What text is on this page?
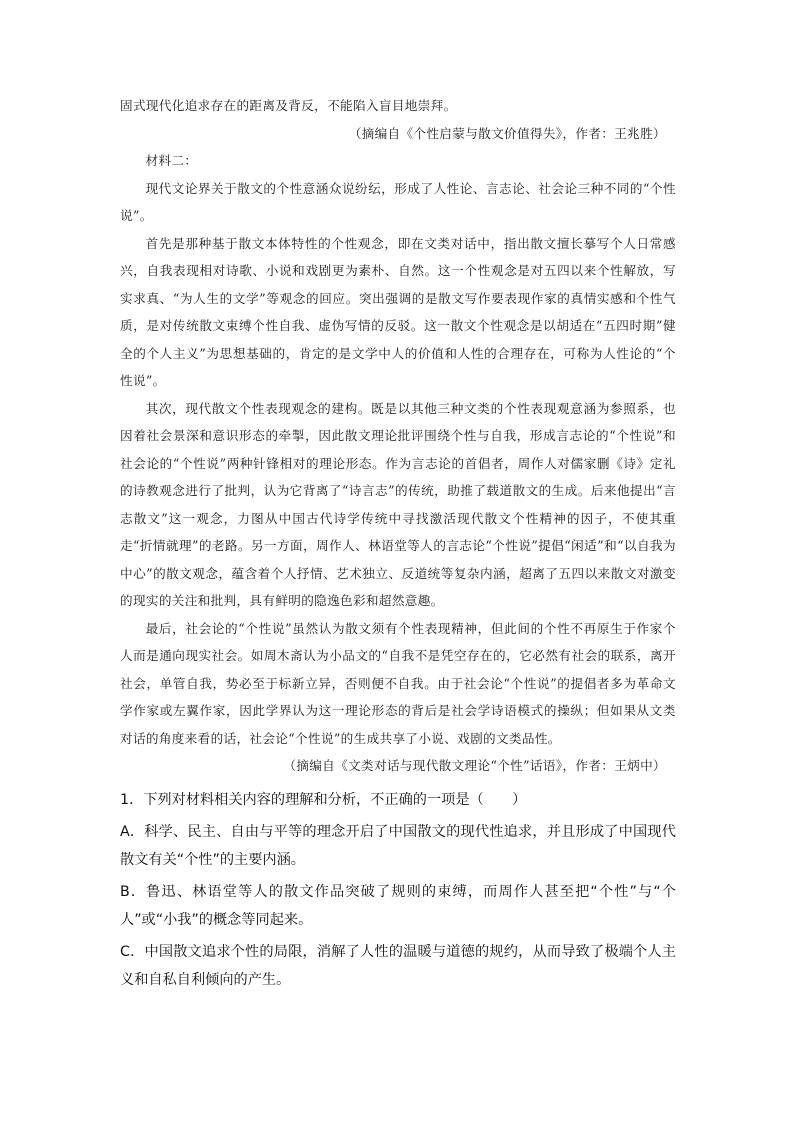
固式现代化追求存在的距离及背反，不能陷入盲目地崇拜。

（摘编自《个性启蒙与散文价值得失》，作者：王兆胜）

材料二：

现代文论界关于散文的个性意涵众说纷纭，形成了人性论、言志论、社会论三种不同的“个性说”。

首先是那种基于散文本体特性的个性观念，即在文类对话中，指出散文擅长摹写个人日常感兴，自我表现相对诗歌、小说和戏剧更为素朴、自然。这一个性观念是对五四以来个性解放，写实求真、“为人生的文学”等观念的回应。突出强调的是散文写作要表现作家的真情实感和个性气质，是对传统散文束缚个性自我、虚伪写情的反驳。这一散文个性观念是以胡适在“五四时期”健全的个人主义”为思想基础的，肯定的是文学中人的价值和人性的合理存在，可称为人性论的“个性说”。

其次，现代散文个性表现观念的建构。既是以其他三种文类的个性表现观意涵为参照系，也因着社会景深和意识形态的牵掣，因此散文理论批评围绕个性与自我，形成言志论的“个性说”和社会论的“个性说”两种针锋相对的理论形态。作为言志论的首倡者，周作人对儒家删《诗》定礼的诗教观念进行了批判，认为它背离了“诗言志”的传统，助推了载道散文的生成。后来他提出“言志散文”这一观念，力图从中国古代诗学传统中寻找激活现代散文个性精神的因子，不使其重走“折情就理”的老路。另一方面，周作人、林语堂等人的言志论“个性说”提倡“闲适”和“以自我为中心”的散文观念，蕴含着个人抒情、艺术独立、反道统等复杂内涵，超离了五四以来散文对激变的现实的关注和批判，具有鲜明的隐逸色彩和超然意趣。

最后，社会论的“个性说”虽然认为散文须有个性表现精神，但此间的个性不再原生于作家个人而是通向现实社会。如周木斋认为小品文的“自我不是凭空存在的，它必然有社会的联系，离开社会，单管自我，势必至于标新立异，否则便不自我。由于社会论“个性说”的提倡者多为革命文学作家或左翼作家，因此学界认为这一理论形态的背后是社会学诗语模式的操纵；但如果从文类对话的角度来看的话，社会论“个性说”的生成共享了小说、戏剧的文类品性。

（摘编自《文类对话与现代散文理论“个性”话语》，作者：王炳中）

1．下列对材料相关内容的理解和分析，不正确的一项是（　　）

A．科学、民主、自由与平等的理念开启了中国散文的现代性追求，并且形成了中国现代散文有关“个性”的主要内涵。

B．鲁迅、林语堂等人的散文作品突破了规则的束缚，而周作人甚至把“个性”与“个人”或“小我”的概念等同起来。

C．中国散文追求个性的局限，消解了人性的温暖与道德的规约，从而导致了极端个人主义和自私自利倾向的产生。
